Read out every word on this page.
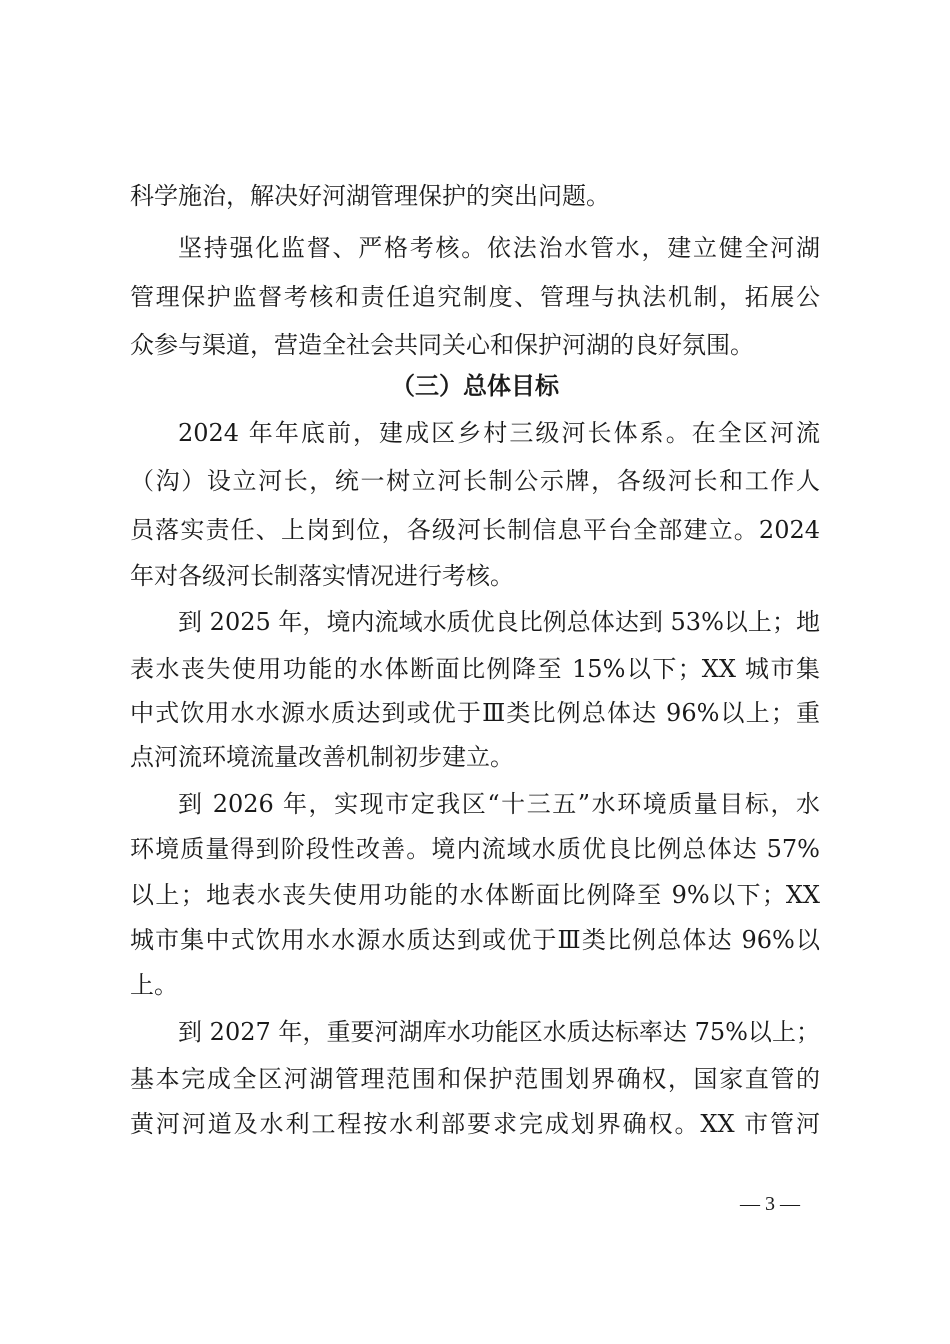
科学施治，解决好河湖管理保护的突出问题。
坚持强化监督、严格考核。依法治水管水，建立健全河湖
管理保护监督考核和责任追究制度、管理与执法机制，拓展公
众参与渠道，营造全社会共同关心和保护河湖的良好氛围。
（三）总体目标
2024 年年底前，建成区乡村三级河长体系。在全区河流
（沟）设立河长，统一树立河长制公示牌，各级河长和工作人
员落实责任、上岗到位，各级河长制信息平台全部建立。2024
年对各级河长制落实情况进行考核。
到 2025 年，境内流域水质优良比例总体达到 53%以上；地
表水丧失使用功能的水体断面比例降至 15%以下；XX 城市集
中式饮用水水源水质达到或优于Ⅲ类比例总体达 96%以上；重
点河流环境流量改善机制初步建立。
到 2026 年，实现市定我区“十三五”水环境质量目标，水
环境质量得到阶段性改善。境内流域水质优良比例总体达 57%
以上；地表水丧失使用功能的水体断面比例降至 9%以下；XX
城市集中式饮用水水源水质达到或优于Ⅲ类比例总体达 96%以
上。
到 2027 年，重要河湖库水功能区水质达标率达 75%以上；
基本完成全区河湖管理范围和保护范围划界确权，国家直管的
黄河河道及水利工程按水利部要求完成划界确权。XX 市管河
— 3 —
